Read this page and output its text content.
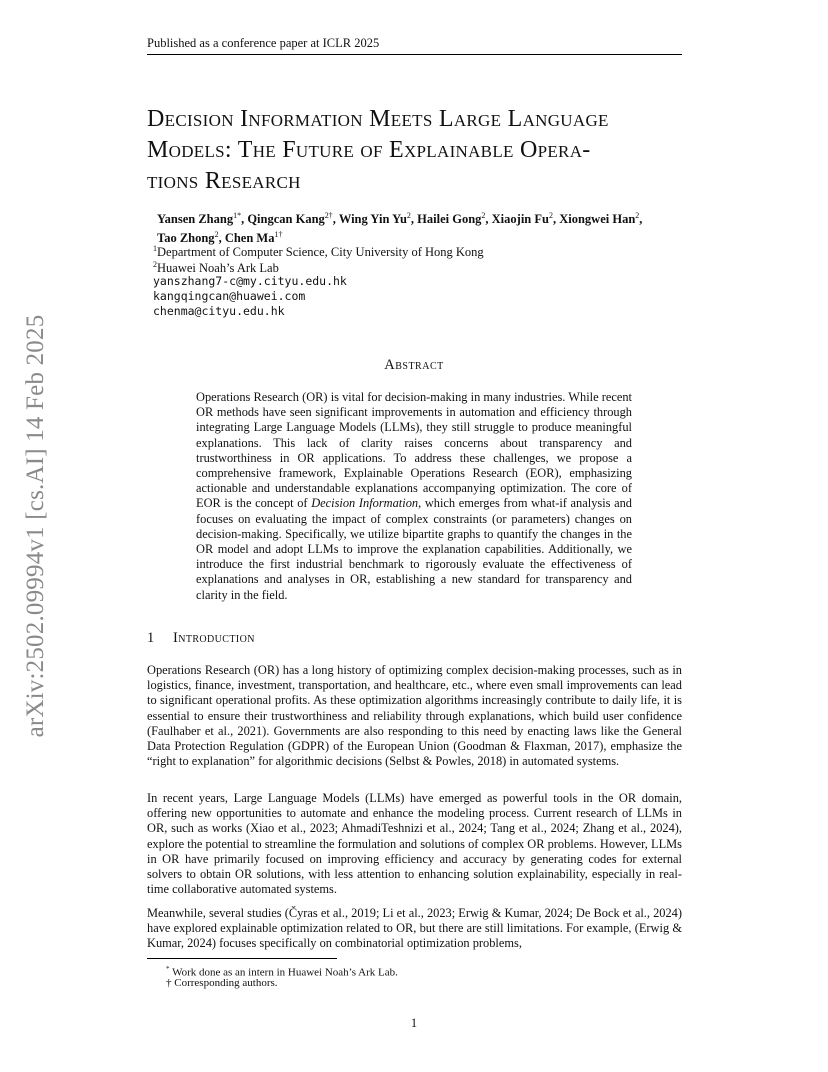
Published as a conference paper at ICLR 2025
arXiv:2502.09994v1 [cs.AI] 14 Feb 2025
Decision Information Meets Large Language
Models: The Future of Explainable Opera-
tions Research
Yansen Zhang$^{1*}$, Qingcan Kang$^{2\dagger}$, Wing Yin Yu$^2$, Hailei Gong$^2$, Xiaojin Fu$^2$, Xiongwei Han$^2$,
Tao Zhong$^2$, Chen $Ma^{1\dagger}$
$^1$Department of Computer Science, City University of Hong Kong
$^2$Huawei Noah’s Ark Lab
yanszhang7-c@my.cityu.edu.hk
kangqingcan@huawei.com
chenma@cityu.edu.hk
Abstract

Operations Research (OR) is vital for decision-making in many industries. While recent OR methods have seen significant improvements in automation and efficiency through integrating Large Language Models (LLMs), they still struggle to produce meaningful explanations. This lack of clarity raises concerns about transparency and trustworthiness in OR applications. To address these challenges, we propose a comprehensive framework, Explainable Operations Research (EOR), emphasizing actionable and understandable explanations accompanying optimization. The core of EOR is the concept of Decision Information, which emerges from what-if analysis and focuses on evaluating the impact of complex constraints (or parameters) changes on decision-making. Specifically, we utilize bipartite graphs to quantify the changes in the OR model and adopt LLMs to improve the explanation capabilities. Additionally, we introduce the first industrial benchmark to rigorously evaluate the effectiveness of explanations and analyses in OR, establishing a new standard for transparency and clarity in the field.

1 Introduction

Operations Research (OR) has a long history of optimizing complex decision-making processes, such as in logistics, finance, investment, transportation, and healthcare, etc., where even small improvements can lead to significant operational profits. As these optimization algorithms increasingly contribute to daily life, it is essential to ensure their trustworthiness and reliability through explanations, which build user confidence (Faulhaber et al., 2021). Governments are also responding to this need by enacting laws like the General Data Protection Regulation (GDPR) of the European Union (Goodman & Flaxman, 2017), emphasize the “right to explanation” for algorithmic decisions (Selbst & Powles, 2018) in automated systems.

In recent years, Large Language Models (LLMs) have emerged as powerful tools in the OR domain, offering new opportunities to automate and enhance the modeling process. Current research of LLMs in OR, such as works (Xiao et al., 2023; AhmadiTeshnizi et al., 2024; Tang et al., 2024; Zhang et al., 2024), explore the potential to streamline the formulation and solutions of complex OR problems. However, LLMs in OR have primarily focused on improving efficiency and accuracy by generating codes for external solvers to obtain OR solutions, with less attention to enhancing solution explainability, especially in real-time collaborative automated systems.

Meanwhile, several studies (Čyras et al., 2019; Li et al., 2023; Erwig & Kumar, 2024; De Bock et al., 2024) have explored explainable optimization related to OR, but there are still limitations. For example, (Erwig & Kumar, 2024) focuses specifically on combinatorial optimization problems,

* Work done as an intern in Huawei Noah’s Ark Lab.
† Corresponding authors.
1
